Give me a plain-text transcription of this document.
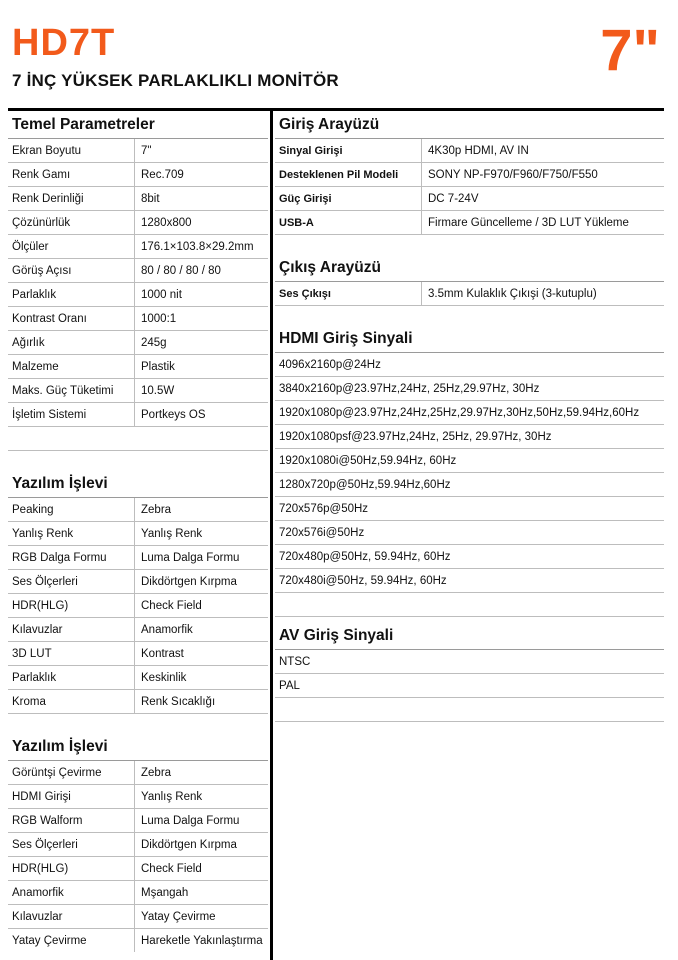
HD7T	7"
7 İNÇ YÜKSEK PARLAKLIKLI MONİTÖR
Temel Parametreler
Ekran Boyutu	7"
Renk Gamı	Rec.709
Renk Derinliği	8bit
Çözünürlük	1280x800
Ölçüler	176.1×103.8×29.2mm
Görüş Açısı	80 / 80 / 80 / 80
Parlaklık	1000 nit
Kontrast Oranı	1000:1
Ağırlık	245g
Malzeme	Plastik
Maks. Güç Tüketimi	10.5W
İşletim Sistemi	Portkeys OS
Yazılım İşlevi
Peaking	Zebra
Yanlış Renk	Yanlış Renk
RGB Dalga Formu	Luma Dalga Formu
Ses Ölçerleri	Dikdörtgen Kırpma
HDR(HLG)	Check Field
Kılavuzlar	Anamorfik
3D LUT	Kontrast
Parlaklık	Keskinlik
Kroma	Renk Sıcaklığı
Yazılım İşlevi
Görüntşi Çevirme	Zebra
HDMI Girişi	Yanlış Renk
RGB Walform	Luma Dalga Formu
Ses Ölçerleri	Dikdörtgen Kırpma
HDR(HLG)	Check Field
Anamorfik	Mşangah
Kılavuzlar	Yatay Çevirme
Yatay Çevirme	Hareketle Yakınlaştırma
Giriş Arayüzü
Sinyal Girişi	4K30p HDMI, AV IN
Desteklenen Pil Modeli	SONY NP-F970/F960/F750/F550
Güç Girişi	DC 7-24V
USB-A	Firmare Güncelleme / 3D LUT Yükleme
Çıkış Arayüzü
Ses Çıkışı	3.5mm Kulaklık Çıkışi (3-kutuplu)
HDMI Giriş Sinyali
4096x2160p@24Hz
3840x2160p@23.97Hz,24Hz, 25Hz,29.97Hz, 30Hz
1920x1080p@23.97Hz,24Hz,25Hz,29.97Hz,30Hz,50Hz,59.94Hz,60Hz
1920x1080psf@23.97Hz,24Hz, 25Hz, 29.97Hz, 30Hz
1920x1080i@50Hz,59.94Hz, 60Hz
1280x720p@50Hz,59.94Hz,60Hz
720x576p@50Hz
720x576i@50Hz
720x480p@50Hz, 59.94Hz, 60Hz
720x480i@50Hz, 59.94Hz, 60Hz
AV Giriş Sinyali
NTSC
PAL
